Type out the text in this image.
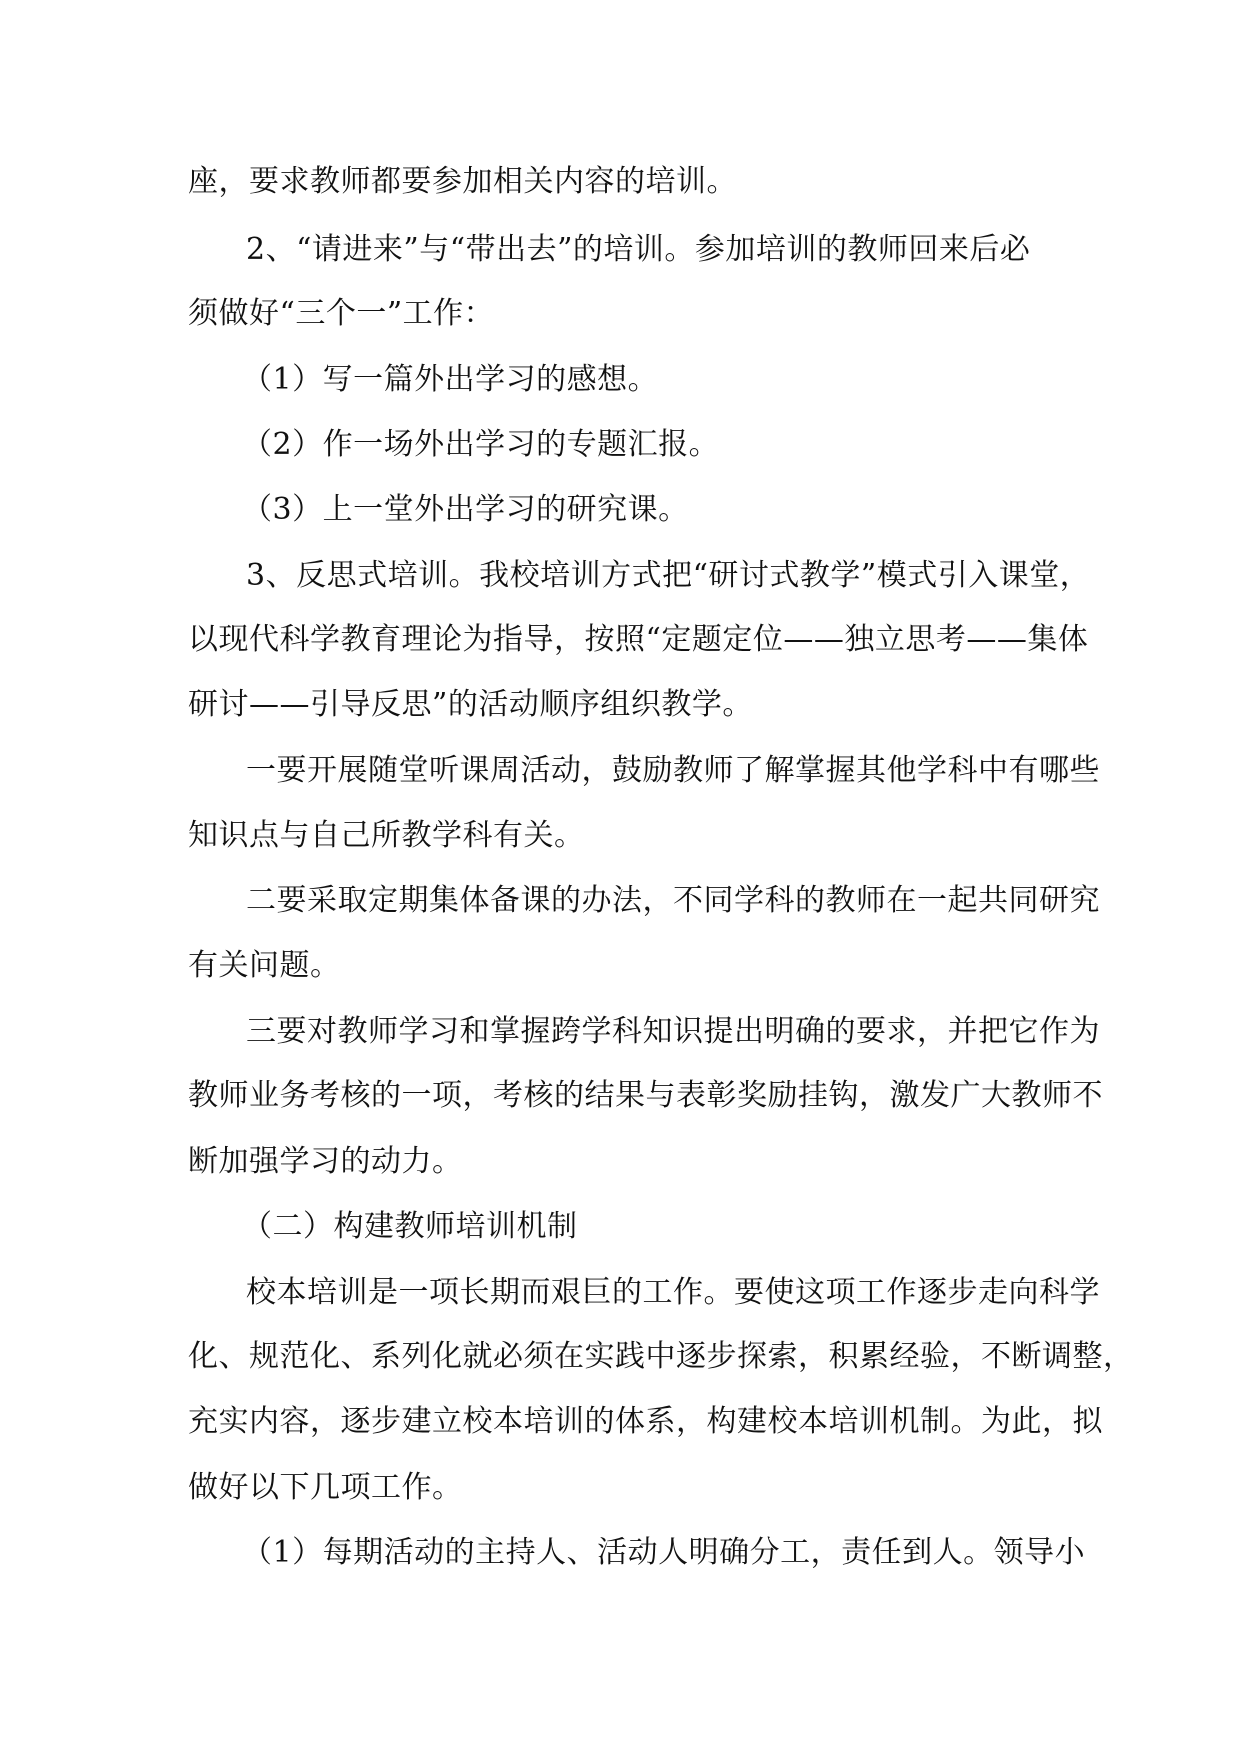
座，要求教师都要参加相关内容的培训。
2、“请进来”与“带出去”的培训。参加培训的教师回来后必
须做好“三个一”工作：
（1）写一篇外出学习的感想。
（2）作一场外出学习的专题汇报。
（3）上一堂外出学习的研究课。
3、反思式培训。我校培训方式把“研讨式教学”模式引入课堂，
以现代科学教育理论为指导，按照“定题定位——独立思考——集体
研讨——引导反思”的活动顺序组织教学。
一要开展随堂听课周活动，鼓励教师了解掌握其他学科中有哪些
知识点与自己所教学科有关。
二要采取定期集体备课的办法，不同学科的教师在一起共同研究
有关问题。
三要对教师学习和掌握跨学科知识提出明确的要求，并把它作为
教师业务考核的一项，考核的结果与表彰奖励挂钩，激发广大教师不
断加强学习的动力。
（二）构建教师培训机制
校本培训是一项长期而艰巨的工作。要使这项工作逐步走向科学
化、规范化、系列化就必须在实践中逐步探索，积累经验，不断调整，
充实内容，逐步建立校本培训的体系，构建校本培训机制。为此，拟
做好以下几项工作。
（1）每期活动的主持人、活动人明确分工，责任到人。领导小
